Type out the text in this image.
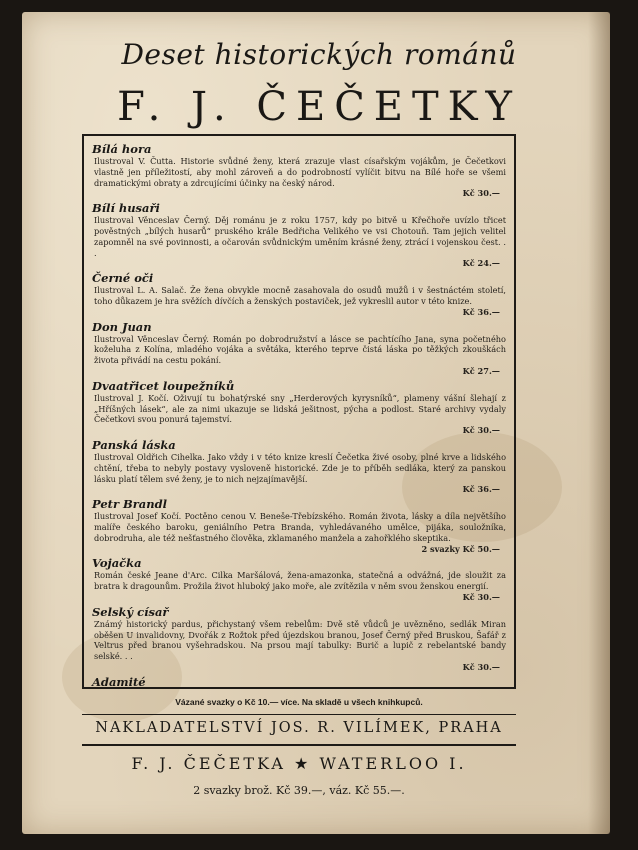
Deset historických románů
F. J. ČEČETKY
Bílá hora
Ilustroval V. Čutta. Historie svůdné ženy, která zrazuje vlast císařským vojákům, je Čečetkovi vlastně jen příležitostí, aby mohl zároveň a do podrobností vylíčit bitvu na Bílé hoře se všemi dramatickými obraty a zdrcujícími účinky na český národ.
Kč 30.—
Bílí husaři
Ilustroval Věnceslav Černý. Děj románu je z roku 1757, kdy po bitvě u Křečhoře uvízlo třicet pověstných „bílých husarů“ pruského krále Bedřicha Velikého ve vsi Chotouň. Tam jejich velitel zapomněl na své povinnosti, a očarován svůdnickým uměním krásné ženy, ztrácí i vojenskou čest. . .
Kč 24.—
Černé oči
Ilustroval L. A. Salač. Že žena obvykle mocně zasahovala do osudů mužů i v šestnáctém století, toho důkazem je hra svěžích dívčích a ženských postaviček, jež vykreslil autor v této knize.
Kč 36.—
Don Juan
Ilustroval Věnceslav Černý. Román po dobrodružství a lásce se pachtícího Jana, syna početného koželuha z Kolína, mladého vojáka a světáka, kterého teprve čistá láska po těžkých zkouškách života přivádí na cestu pokání.
Kč 27.—
Dvaatřicet loupežníků
Ilustroval J. Kočí. Oživují tu bohatýrské sny „Herderových kyrysníků“, plameny vášní šlehají z „Hříšných lásek“, ale za nimi ukazuje se lidská ješitnost, pýcha a podlost. Staré archivy vydaly Čečetkovi svou ponurá tajemství.
Kč 30.—
Panská láska
Ilustroval Oldřich Cihelka. Jako vždy i v této knize kreslí Čečetka živé osoby, plné krve a lidského chtění, třeba to nebyly postavy vysloveně historické. Zde je to příběh sedláka, který za panskou lásku platí tělem své ženy, je to nich nejzajímavější.
Kč 36.—
Petr Brandl
Ilustroval Josef Kočí. Poctěno cenou V. Beneše-Třebízského. Román života, lásky a díla největšího malíře českého baroku, geniálního Petra Branda, vyhledávaného umělce, pijáka, souložníka, dobrodruha, ale též nešťastného člověka, zklamaného manžela a zahořklého skeptika.
2 svazky Kč 50.—
Vojačka
Román české Jeane d'Arc. Cilka Maršálová, žena-amazonka, statečná a odvážná, jde sloužit za bratra k dragounům. Prožila život hluboký jako moře, ale zvítězila v něm svou ženskou energií.
Kč 30.—
Selský císař
Známý historický pardus, přichystaný všem rebelům: Dvě stě vůdců je uvězněno, sedlák Miran oběšen U invalidovny, Dvořák z Rožtok před újezdskou branou, Josef Černý před Bruskou, Šafář z Veltrus před branou vyšehradskou. Na prsou mají tabulky: Burič a lupič z rebelantské bandy selské. . .
Kč 30.—
Adamité
Vázané svazky o Kč 10.— více. Na skladě u všech knihkupců.
NAKLADATELSTVÍ JOS. R. VILÍMEK, PRAHA
F. J. ČEČETKA ★ WATERLOO I.
2 svazky brož. Kč 39.—, váz. Kč 55.—.
